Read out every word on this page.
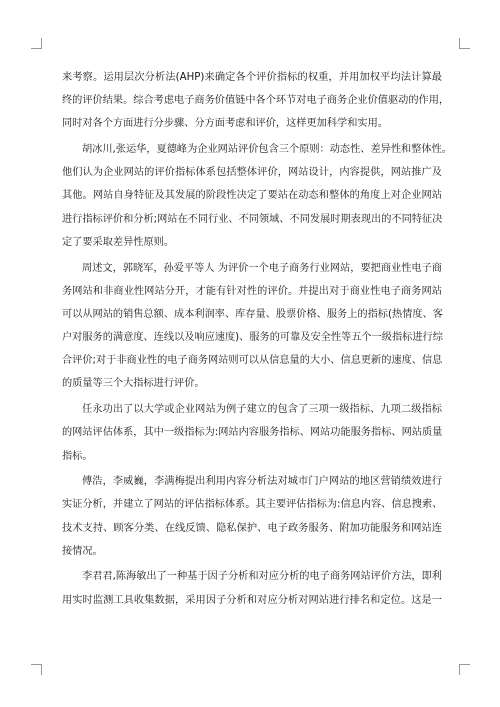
来考察。运用层次分析法(AHP)来确定各个评价指标的权重，并用加权平均法计算最
终的评价结果。综合考虑电子商务价值链中各个环节对电子商务企业价值驱动的作用，
同时对各个方面进行分步骤、分方面考虑和评价，这样更加科学和实用。
胡冰川,张运华，夏德峰为企业网站评价包含三个原则：动态性、差异性和整体性。
他们认为企业网站的评价指标体系包括整体评价，网站设计，内容提供，网站推广及
其他。网站自身特征及其发展的阶段性决定了要站在动态和整体的角度上对企业网站
进行指标评价和分析;网站在不同行业、不同领域、不同发展时期表现出的不同特征决
定了要采取差异性原则。
周述文，郭晓军，孙爱平等人 为评价一个电子商务行业网站，要把商业性电子商
务网站和非商业性网站分开，才能有针对性的评价。并提出对于商业性电子商务网站
可以从网站的销售总额、成本利润率、库存量、股票价格、服务上的指标(热情度、客
户对服务的满意度、连线以及响应速度)、服务的可靠及安全性等五个一级指标进行综
合评价;对于非商业性的电子商务网站则可以从信息量的大小、信息更新的速度、信息
的质量等三个大指标进行评价。
任永功出了以大学或企业网站为例子建立的包含了三项一级指标、九项二级指标
的网站评估体系，其中一级指标为:网站内容服务指标、网站功能服务指标、网站质量
指标。
傅浩，李威巍，李满梅提出利用内容分析法对城市门户网站的地区营销绩效进行
实证分析，并建立了网站的评估指标体系。其主要评估指标为:信息内容、信息搜索、
技术支持、顾客分类、在线反馈、隐私保护、电子政务服务、附加功能服务和网站连
接情况。
李君君,陈海敏出了一种基于因子分析和对应分析的电子商务网站评价方法，即利
用实时监测工具收集数据，采用因子分析和对应分析对网站进行排名和定位。这是一
